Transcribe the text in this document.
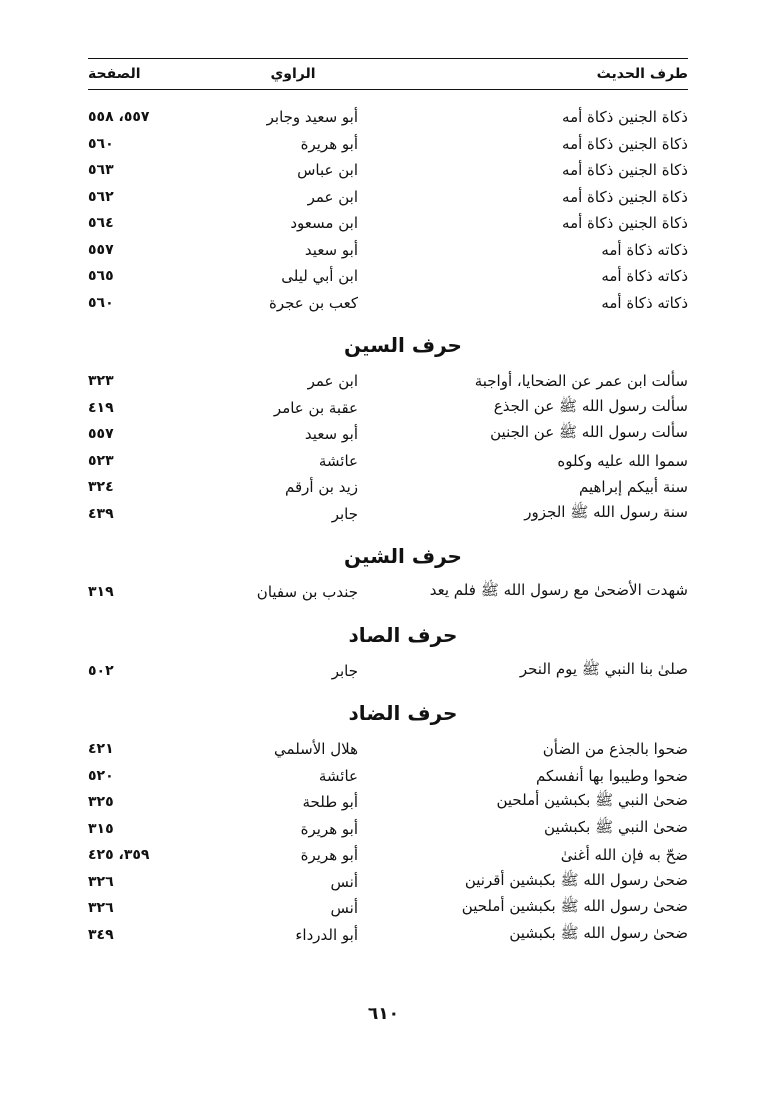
طرف الحديث
الراوي
الصفحة
ذكاة الجنين ذكاة أمه
أبو سعيد وجابر
٥٥٧، ٥٥٨
ذكاة الجنين ذكاة أمه
أبو هريرة
٥٦٠
ذكاة الجنين ذكاة أمه
ابن عباس
٥٦٣
ذكاة الجنين ذكاة أمه
ابن عمر
٥٦٢
ذكاة الجنين ذكاة أمه
ابن مسعود
٥٦٤
ذكاته ذكاة أمه
أبو سعيد
٥٥٧
ذكاته ذكاة أمه
ابن أبي ليلى
٥٦٥
ذكاته ذكاة أمه
كعب بن عجرة
٥٦٠
حرف السين
سألت ابن عمر عن الضحايا، أواجبة
ابن عمر
٣٢٣
سألت رسول الله ﷺ عن الجذع
عقبة بن عامر
٤١٩
سألت رسول الله ﷺ عن الجنين
أبو سعيد
٥٥٧
سموا الله عليه وكلوه
عائشة
٥٢٣
سنة أبيكم إبراهيم
زيد بن أرقم
٣٢٤
سنة رسول الله ﷺ الجزور
جابر
٤٣٩
حرف الشين
شهدت الأضحىٰ مع رسول الله ﷺ فلم يعد
جندب بن سفيان
٣١٩
حرف الصاد
صلىٰ بنا النبي ﷺ يوم النحر
جابر
٥٠٢
حرف الضاد
ضحوا بالجذع من الضأن
هلال الأسلمي
٤٢١
ضحوا وطيبوا بها أنفسكم
عائشة
٥٢٠
ضحىٰ النبي ﷺ بكبشين أملحين
أبو طلحة
٣٢٥
ضحىٰ النبي ﷺ بكبشين
أبو هريرة
٣١٥
ضحّ به فإن الله أغنىٰ
أبو هريرة
٣٥٩، ٤٢٥
ضحىٰ رسول الله ﷺ بكبشين أقرنين
أنس
٣٢٦
ضحىٰ رسول الله ﷺ بكبشين أملحين
أنس
٣٢٦
ضحىٰ رسول الله ﷺ بكبشين
أبو الدرداء
٣٤٩
٦١٠
